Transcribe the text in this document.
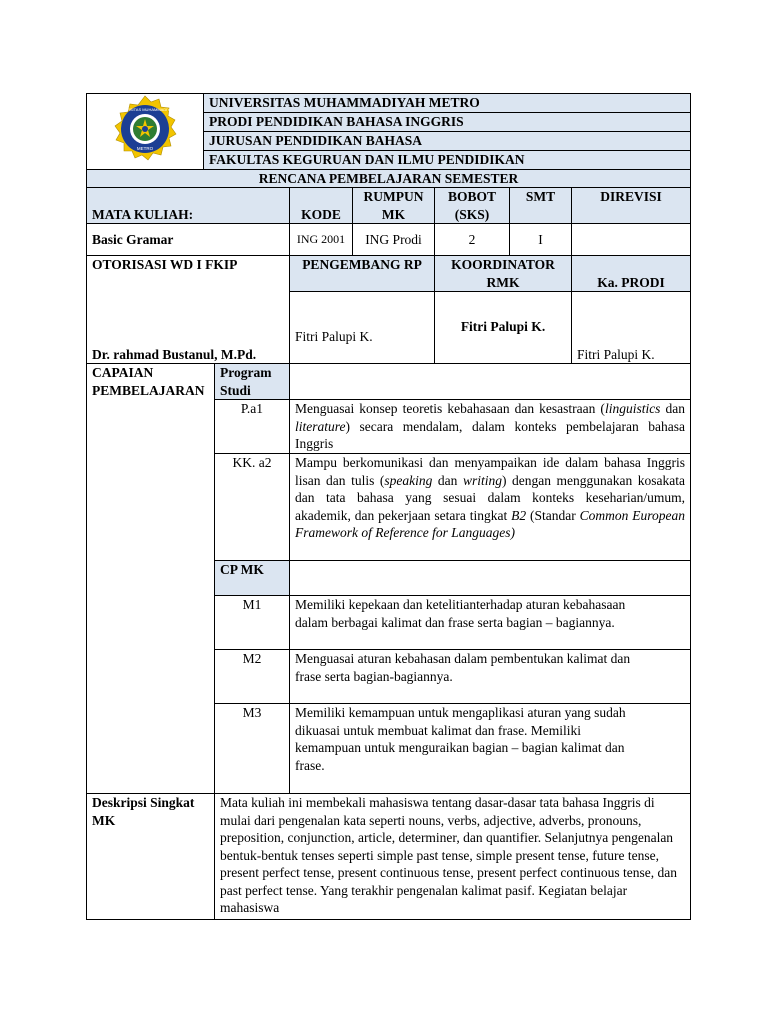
UNIVERSITAS MUHAMMADIYAH
METRO
	UNIVERSITAS MUHAMMADIYAH METRO
PRODI PENDIDIKAN BAHASA INGGRIS
JURUSAN PENDIDIKAN BAHASA
FAKULTAS KEGURUAN DAN ILMU PENDIDIKAN
RENCANA PEMBELAJARAN SEMESTER
MATA KULIAH:	KODE	RUMPUN MK	BOBOT (SKS)	SMT	DIREVISI
Basic Gramar	ING 2001	ING Prodi	2	I	
OTORISASI WD I FKIP	PENGEMBANG RP	KOORDINATOR RMK	Ka. PRODI
Dr. rahmad Bustanul, M.Pd.	Fitri Palupi K.	Fitri Palupi K.	Fitri Palupi K.
CAPAIAN PEMBELAJARAN	Program Studi	
	P.a1	Menguasai konsep teoretis kebahasaan dan kesastraan (linguistics dan literature) secara mendalam, dalam konteks pembelajaran bahasa Inggris
	KK. a2	Mampu berkomunikasi dan menyampaikan ide dalam bahasa Inggris lisan dan tulis (speaking dan writing) dengan menggunakan kosakata dan tata bahasa yang sesuai dalam konteks keseharian/umum, akademik, dan pekerjaan setara tingkat B2 (Standar Common European Framework of Reference for Languages)
	CP MK	
	M1	Memiliki kepekaan dan ketelitianterhadap aturan kebahasaan dalam berbagai kalimat dan frase serta bagian – bagiannya.

	M2	Menguasai aturan kebahasan dalam pembentukan kalimat dan frase serta bagian-bagiannya.

	M3	Memiliki kemampuan untuk mengaplikasi aturan yang sudah dikuasai untuk membuat kalimat dan frase. Memiliki kemampuan untuk menguraikan bagian – bagian kalimat dan frase.
Deskripsi Singkat MK	Mata kuliah ini membekali mahasiswa tentang dasar-dasar tata bahasa Inggris di mulai dari pengenalan kata seperti nouns, verbs, adjective, adverbs, pronouns, preposition, conjunction, article, determiner, dan quantifier. Selanjutnya pengenalan bentuk-bentuk tenses seperti simple past tense, simple present tense, future tense, present perfect tense, present continuous tense, present perfect continuous tense, dan past perfect tense. Yang terakhir pengenalan kalimat pasif. Kegiatan belajar mahasiswa
